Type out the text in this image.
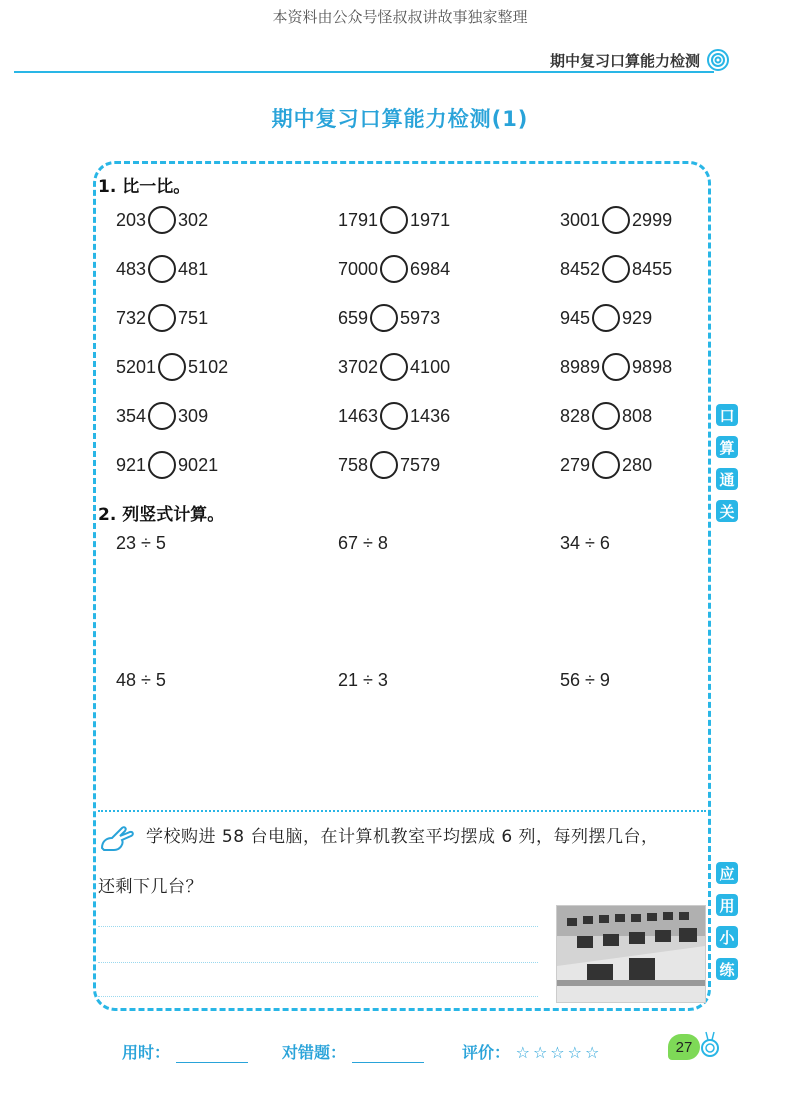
本资料由公众号怪叔叔讲故事独家整理
期中复习口算能力检测
期中复习口算能力检测(1)
1. 比一比。
203 302	1791 1971	3001 2999
483 481	7000 6984	8452 8455
732 751	659 5973	945 929
5201 5102	3702 4100	8989 9898
354 309	1463 1436	828 808
921 9021	758 7579	279 280
2. 列竖式计算。
23 ÷ 5	67 ÷ 8	34 ÷ 6
48 ÷ 5	21 ÷ 3	56 ÷ 9
学校购进 58 台电脑，在计算机教室平均摆成 6 列，每列摆几台，
还剩下几台？
口
算
通
关
应
用
小
练
用时：	对错题：	评价： ☆☆☆☆☆	27
